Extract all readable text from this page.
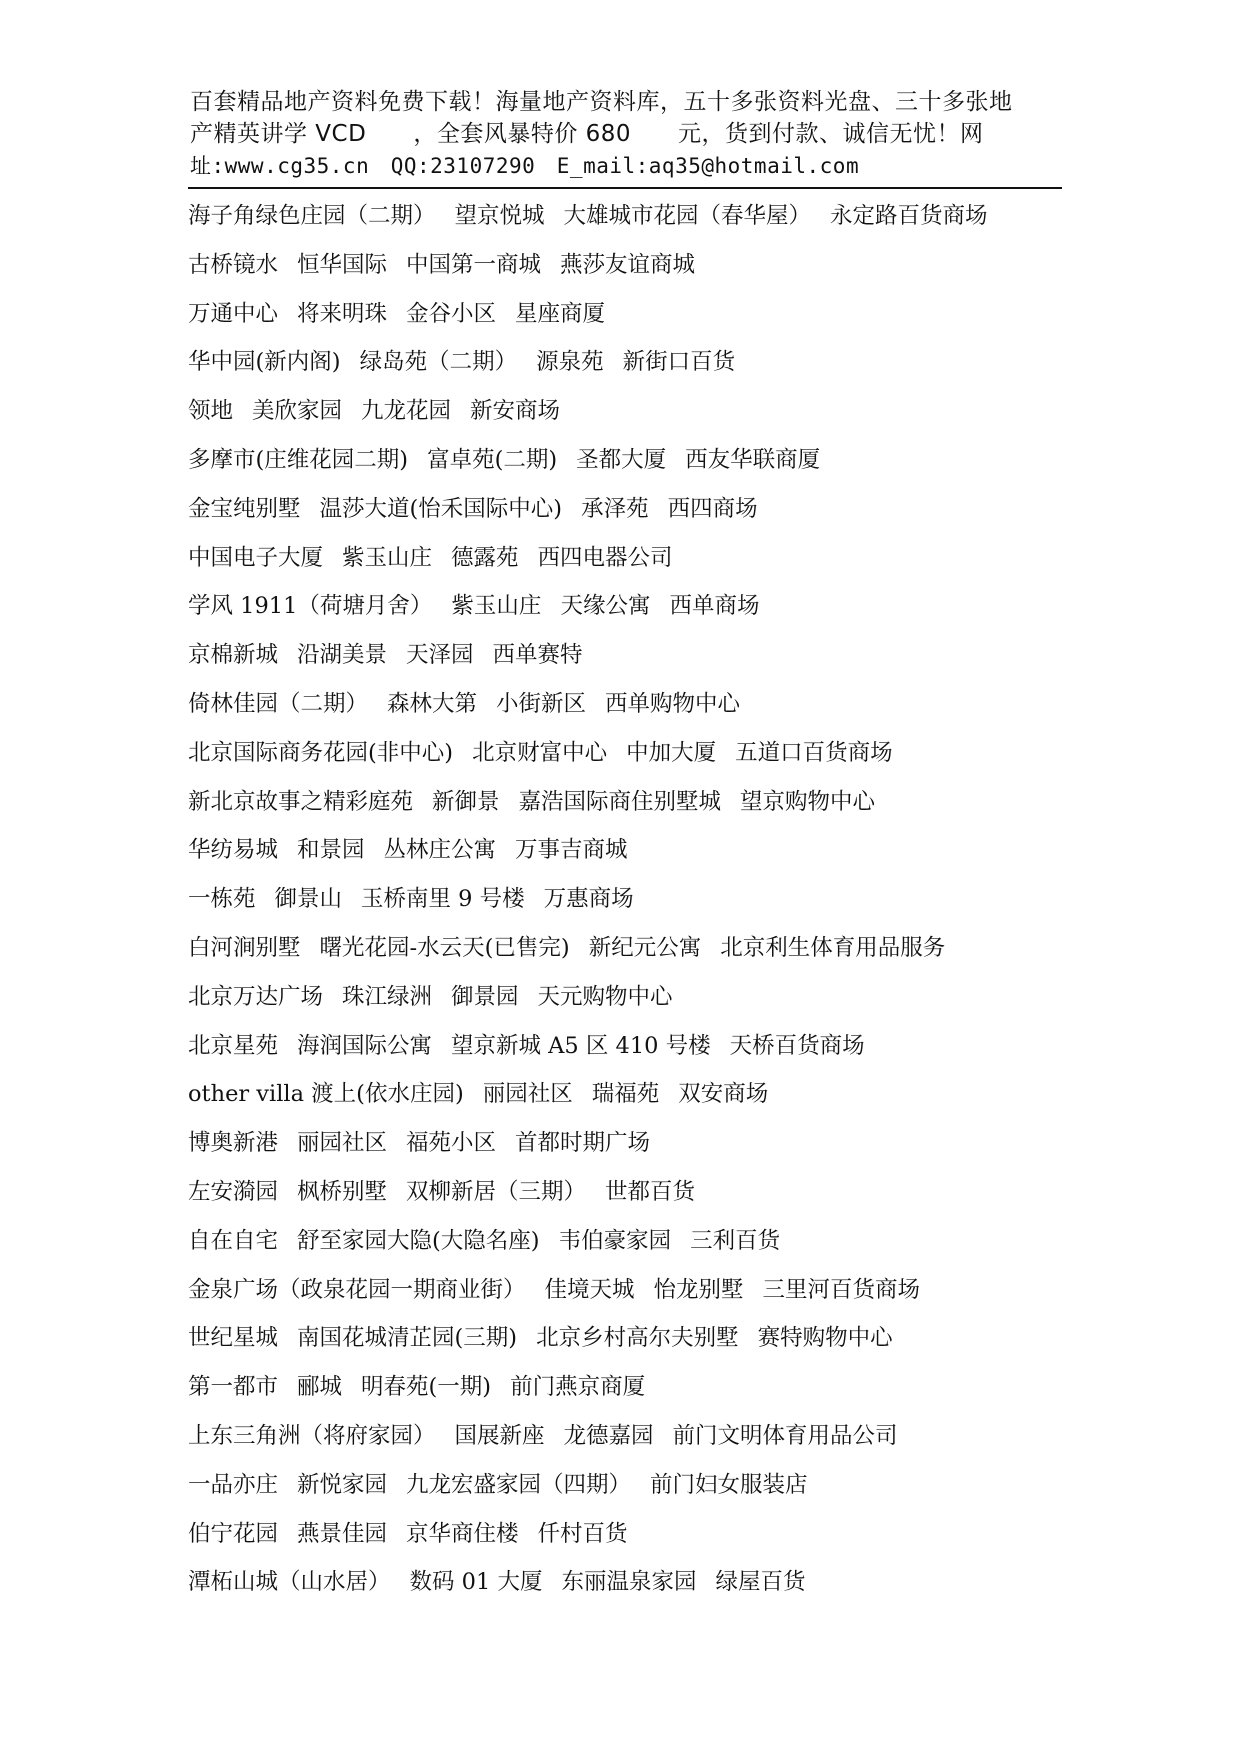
百套精品地产资料免费下载！海量地产资料库，五十多张资料光盘、三十多张地
产精英讲学 VCD　　，全套风暴特价 680　　元，货到付款、诚信无忧！网
址:www.cg35.cn　QQ:23107290　E_mail:aq35@hotmail.com
海子角绿色庄园（二期） 望京悦城 大雄城市花园（春华屋） 永定路百货商场
古桥镜水 恒华国际 中国第一商城 燕莎友谊商城
万通中心 将来明珠 金谷小区 星座商厦
华中园(新内阁) 绿岛苑（二期） 源泉苑 新街口百货
领地 美欣家园 九龙花园 新安商场
多摩市(庄维花园二期) 富卓苑(二期) 圣都大厦 西友华联商厦
金宝纯别墅 温莎大道(怡禾国际中心) 承泽苑 西四商场
中国电子大厦 紫玉山庄 德露苑 西四电器公司
学风 1911（荷塘月舍） 紫玉山庄 天缘公寓 西单商场
京棉新城 沿湖美景 天泽园 西单赛特
倚林佳园（二期） 森林大第 小街新区 西单购物中心
北京国际商务花园(非中心) 北京财富中心 中加大厦 五道口百货商场
新北京故事之精彩庭苑 新御景 嘉浩国际商住别墅城 望京购物中心
华纺易城 和景园 丛林庄公寓 万事吉商城
一栋苑 御景山 玉桥南里 9 号楼 万惠商场
白河涧别墅 曙光花园-水云天(已售完) 新纪元公寓 北京利生体育用品服务
北京万达广场 珠江绿洲 御景园 天元购物中心
北京星苑 海润国际公寓 望京新城 A5 区 410 号楼 天桥百货商场
other villa 渡上(依水庄园) 丽园社区 瑞福苑 双安商场
博奥新港 丽园社区 福苑小区 首都时期广场
左安漪园 枫桥别墅 双柳新居（三期） 世都百货
自在自宅 舒至家园大隐(大隐名座) 韦伯豪家园 三利百货
金泉广场（政泉花园一期商业街） 佳境天城 怡龙别墅 三里河百货商场
世纪星城 南国花城清芷园(三期) 北京乡村高尔夫别墅 赛特购物中心
第一都市 郦城 明春苑(一期) 前门燕京商厦
上东三角洲（将府家园） 国展新座 龙德嘉园 前门文明体育用品公司
一品亦庄 新悦家园 九龙宏盛家园（四期） 前门妇女服装店
伯宁花园 燕景佳园 京华商住楼 仟村百货
潭柘山城（山水居） 数码 01 大厦 东丽温泉家园 绿屋百货
